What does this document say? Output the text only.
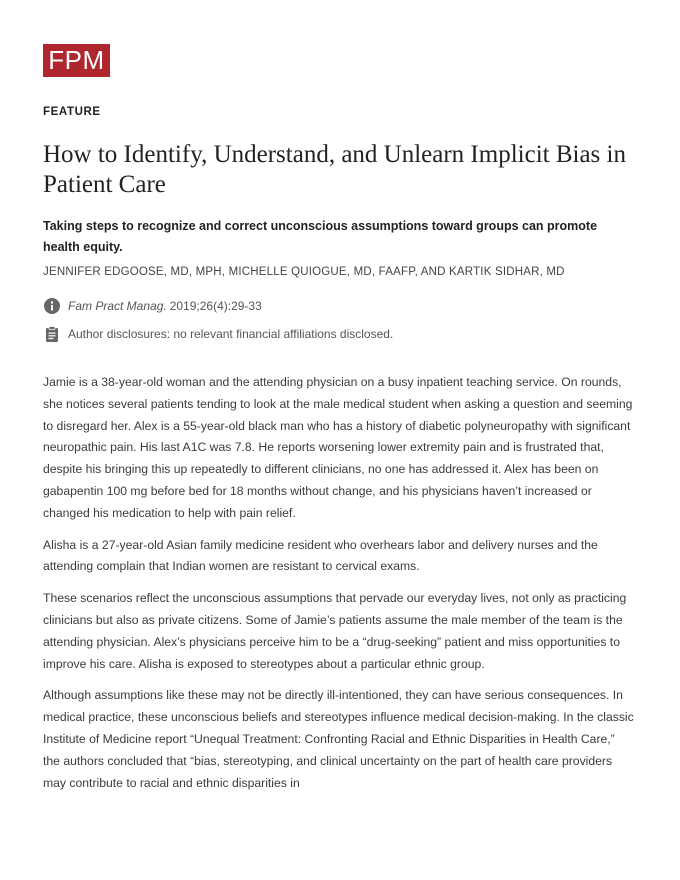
FPM
FEATURE
How to Identify, Understand, and Unlearn Implicit Bias in Patient Care

Taking steps to recognize and correct unconscious assumptions toward groups can promote health equity.

JENNIFER EDGOOSE, MD, MPH, MICHELLE QUIOGUE, MD, FAAFP, AND KARTIK SIDHAR, MD
Fam Pract Manag. 2019;26(4):29-33
Author disclosures: no relevant financial affiliations disclosed.

Jamie is a 38-year-old woman and the attending physician on a busy inpatient teaching service. On rounds, she notices several patients tending to look at the male medical student when asking a question and seeming to disregard her. Alex is a 55-year-old black man who has a history of diabetic polyneuropathy with significant neuropathic pain. His last A1C was 7.8. He reports worsening lower extremity pain and is frustrated that, despite his bringing this up repeatedly to different clinicians, no one has addressed it. Alex has been on gabapentin 100 mg before bed for 18 months without change, and his physicians haven’t increased or changed his medication to help with pain relief.

Alisha is a 27-year-old Asian family medicine resident who overhears labor and delivery nurses and the attending complain that Indian women are resistant to cervical exams.

These scenarios reflect the unconscious assumptions that pervade our everyday lives, not only as practicing clinicians but also as private citizens. Some of Jamie’s patients assume the male member of the team is the attending physician. Alex’s physicians perceive him to be a “drug-seeking” patient and miss opportunities to improve his care. Alisha is exposed to stereotypes about a particular ethnic group.

Although assumptions like these may not be directly ill-intentioned, they can have serious consequences. In medical practice, these unconscious beliefs and stereotypes influence medical decision-making. In the classic Institute of Medicine report “Unequal Treatment: Confronting Racial and Ethnic Disparities in Health Care,” the authors concluded that “bias, stereotyping, and clinical uncertainty on the part of health care providers may contribute to racial and ethnic disparities in
